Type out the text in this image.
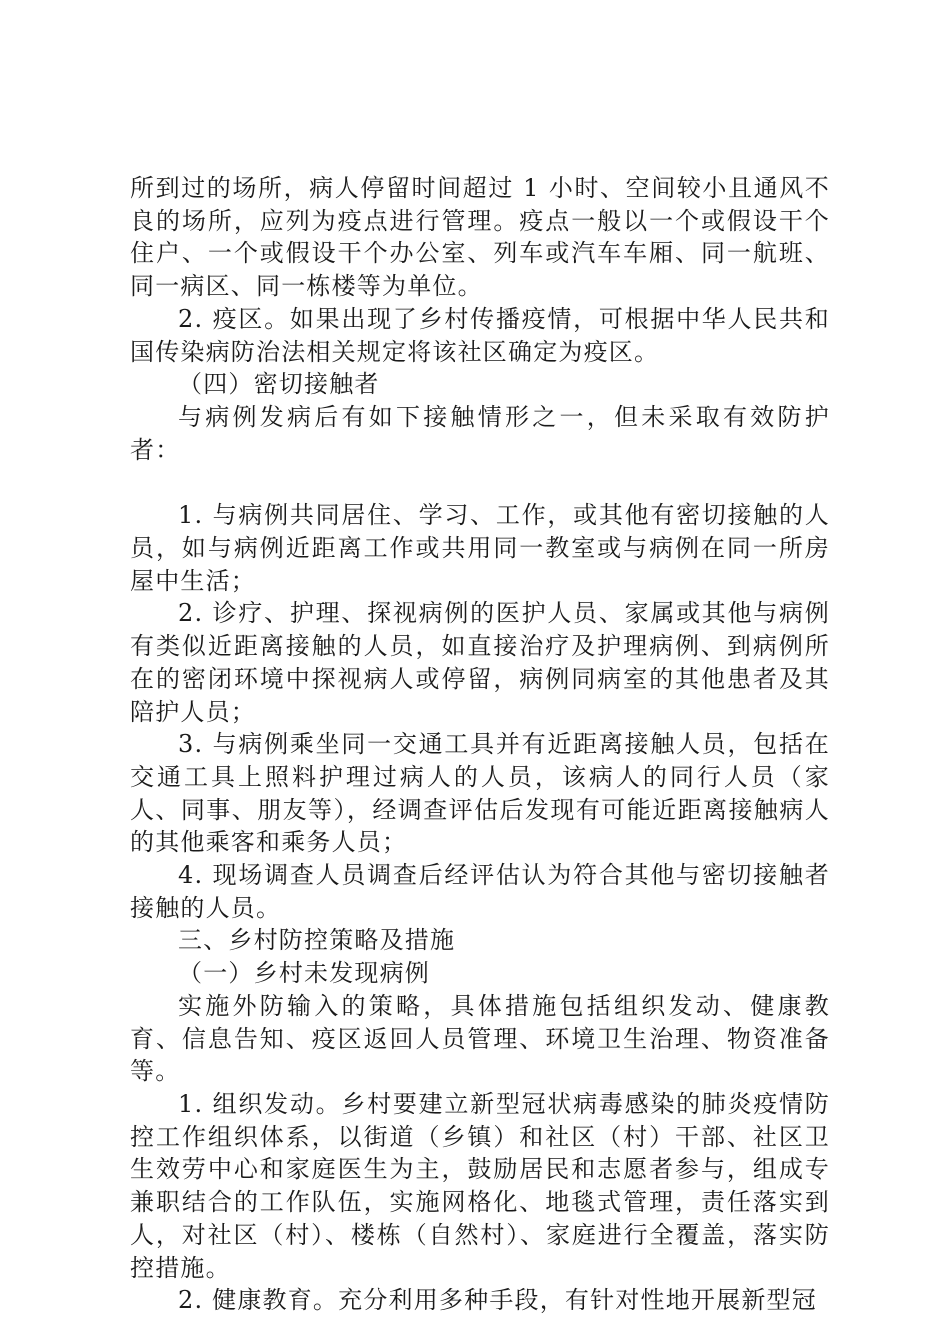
所到过的场所，病人停留时间超过 1 小时、空间较小且通风不良的场所，应列为疫点进行管理。疫点一般以一个或假设干个住户、一个或假设干个办公室、列车或汽车车厢、同一航班、同一病区、同一栋楼等为单位。

2. 疫区。如果出现了乡村传播疫情，可根据中华人民共和国传染病防治法相关规定将该社区确定为疫区。

（四）密切接触者

与病例发病后有如下接触情形之一，但未采取有效防护者：

1. 与病例共同居住、学习、工作，或其他有密切接触的人员，如与病例近距离工作或共用同一教室或与病例在同一所房屋中生活；

2. 诊疗、护理、探视病例的医护人员、家属或其他与病例有类似近距离接触的人员，如直接治疗及护理病例、到病例所在的密闭环境中探视病人或停留，病例同病室的其他患者及其陪护人员；

3. 与病例乘坐同一交通工具并有近距离接触人员，包括在交通工具上照料护理过病人的人员，该病人的同行人员（家人、同事、朋友等），经调查评估后发现有可能近距离接触病人的其他乘客和乘务人员；

4. 现场调查人员调查后经评估认为符合其他与密切接触者接触的人员。

三、乡村防控策略及措施

（一）乡村未发现病例

实施外防输入的策略，具体措施包括组织发动、健康教育、信息告知、疫区返回人员管理、环境卫生治理、物资准备等。

1. 组织发动。乡村要建立新型冠状病毒感染的肺炎疫情防控工作组织体系，以街道（乡镇）和社区（村）干部、社区卫生效劳中心和家庭医生为主，鼓励居民和志愿者参与，组成专兼职结合的工作队伍，实施网格化、地毯式管理，责任落实到人，对社区（村）、楼栋（自然村）、家庭进行全覆盖，落实防控措施。

2. 健康教育。充分利用多种手段，有针对性地开展新型冠
